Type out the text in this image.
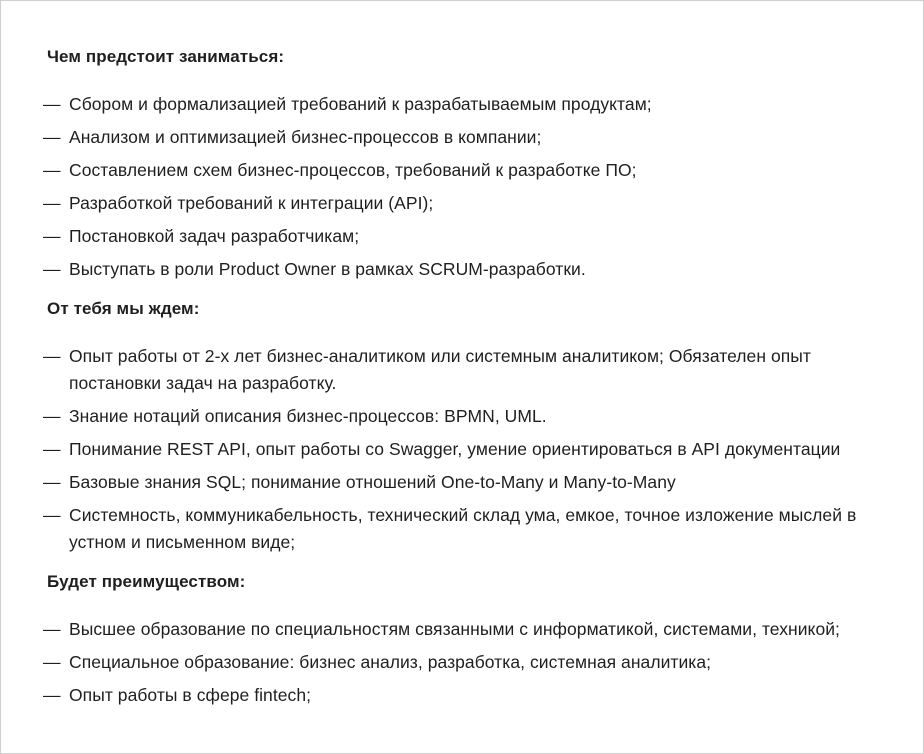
Чем предстоит заниматься:
— Сбором и формализацией требований к разрабатываемым продуктам;
— Анализом и оптимизацией бизнес-процессов в компании;
— Составлением схем бизнес-процессов, требований к разработке ПО;
— Разработкой требований к интеграции (API);
— Постановкой задач разработчикам;
— Выступать в роли Product Owner в рамках SCRUM-разработки.
От тебя мы ждем:
— Опыт работы от 2-х лет бизнес-аналитиком или системным аналитиком; Обязателен опыт постановки задач на разработку.
— Знание нотаций описания бизнес-процессов: BPMN, UML.
— Понимание REST API, опыт работы со Swagger, умение ориентироваться в API документации
— Базовые знания SQL; понимание отношений One-to-Many и Many-to-Many
— Системность, коммуникабельность, технический склад ума, емкое, точное изложение мыслей в устном и письменном виде;
Будет преимуществом:
— Высшее образование по специальностям связанными с информатикой, системами, техникой;
— Специальное образование: бизнес анализ, разработка, системная аналитика;
— Опыт работы в сфере fintech;
